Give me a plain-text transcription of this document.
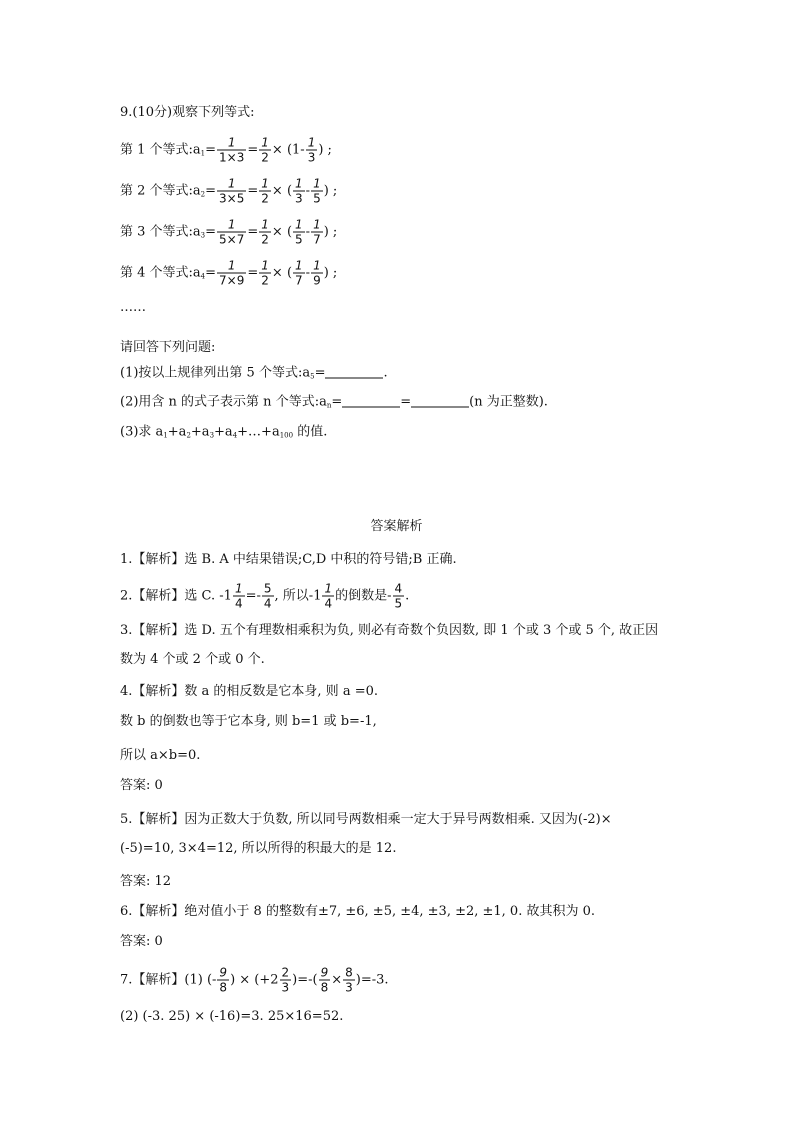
9.(10分)观察下列等式:
请回答下列问题:
答案解析
第 1 个等式$:a_1= \frac{1}{1\times 3} = \frac{1}{2} \times (1- \frac{1}{3}$ ) ;
第 2 个等式$:a_2= \frac{1}{3\times 5} = \frac{1}{2}$ × ( $\frac{1}{3} - \frac{1}{5}$ ) ;
第 3 个等式$:a_3= \frac{1}{5\times 7} = \frac{1}{2}$ × ( $\frac{1}{5} - \frac{1}{7}$ ) ;
第 4 个等式$:a_4= \frac{1}{7\times 9} = \frac{1}{2}$ × ( $\frac{1}{7} - \frac{1}{9}$ ) ;
……
(1)按以上规律列出第 5 个等式$:a_5=$	.
(2)用含 n 的式子表示第 n 个等式$:a_n=$	=	(n 为正整数).
(3)求 $a_1+a_2+a_3+a_4+\dots+a_{100}$ 的值.
1.【解析】选 B. A 中结果错误;C,D 中积的符号错;B 正确.
2.【解析】选 C. $-1 \frac{1}{4} =- \frac{5}{4}$ , 所以$-1 \frac{1}{4}$ 的倒数是- $\frac{4}{5}$ .
3.【解析】选 D. 五个有理数相乘积为负, 则必有奇数个负因数, 即 1 个或 3 个或 5 个, 故正因
数为 4 个或 2 个或 0 个.
4.【解析】数 a 的相反数是它本身, 则 a =0.
数 b 的倒数也等于它本身, 则 b=1 或 b=-1,
所以 a×b=0.
答案: 0
5.【解析】因为正数大于负数, 所以同号两数相乘一定大于异号两数相乘. 又因为(-2)×
(-5)=10, 3×4=12, 所以所得的积最大的是 12.
答案: 12
6.【解析】绝对值小于 8 的整数有±7, ±6, ±5, ±4, ±3, ±2, ±1, 0. 故其积为 0.
答案: 0
7.【解析】(1) (- $\frac{9}{8}$ ) × ($+2 \frac{2}{3}$ )=-( $\frac{9}{8} \times \frac{8}{3} )=-3$.
(2) (-3. 25) × (-16)=3. 25×16=52.
